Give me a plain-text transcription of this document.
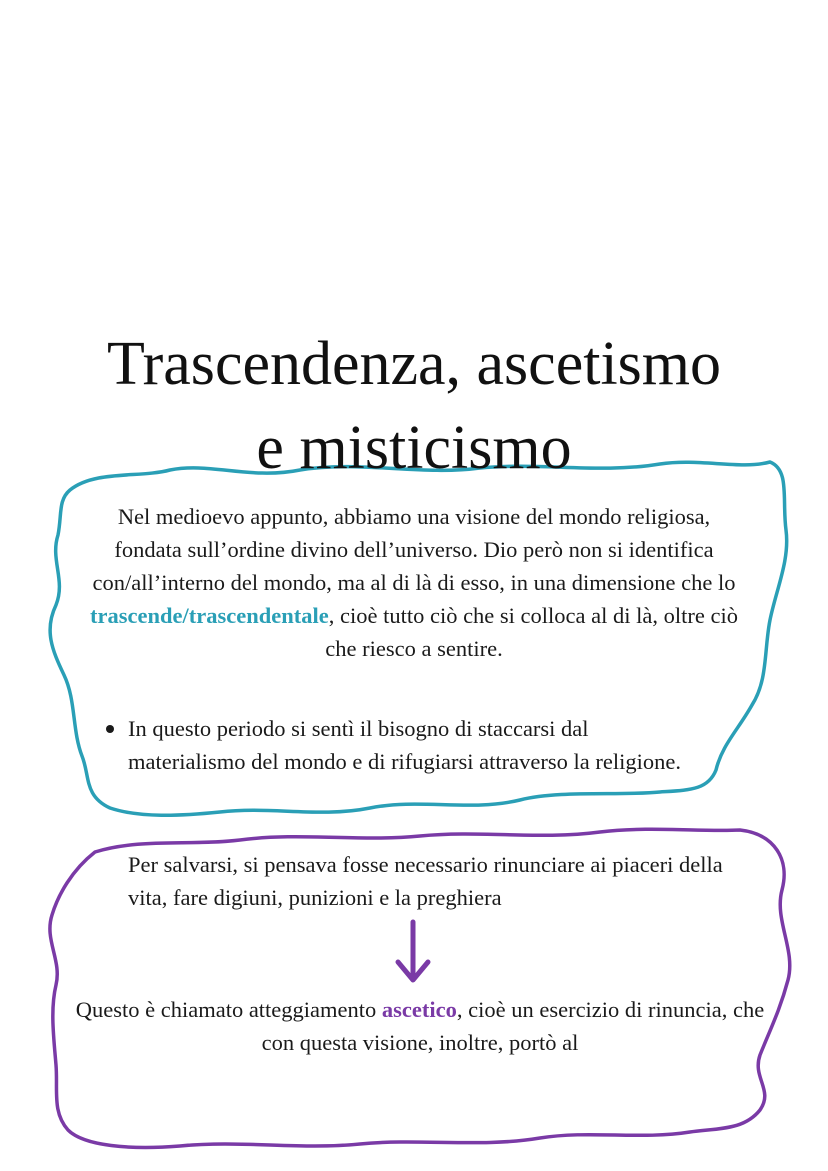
Trascendenza, ascetismo
e misticismo

Nel medioevo appunto, abbiamo una visione del mondo religiosa, fondata sull’ordine divino dell’universo. Dio però non si identifica con/all’interno del mondo, ma al di là di esso, in una dimensione che lo trascende/trascendentale, cioè tutto ciò che si colloca al di là, oltre ciò che riesco a sentire.

In questo periodo si sentì il bisogno di staccarsi dal materialismo del mondo e di rifugiarsi attraverso la religione.

Per salvarsi, si pensava fosse necessario rinunciare ai piaceri della vita, fare digiuni, punizioni e la preghiera

Questo è chiamato atteggiamento ascetico, cioè un esercizio di rinuncia, che con questa visione, inoltre, portò al
